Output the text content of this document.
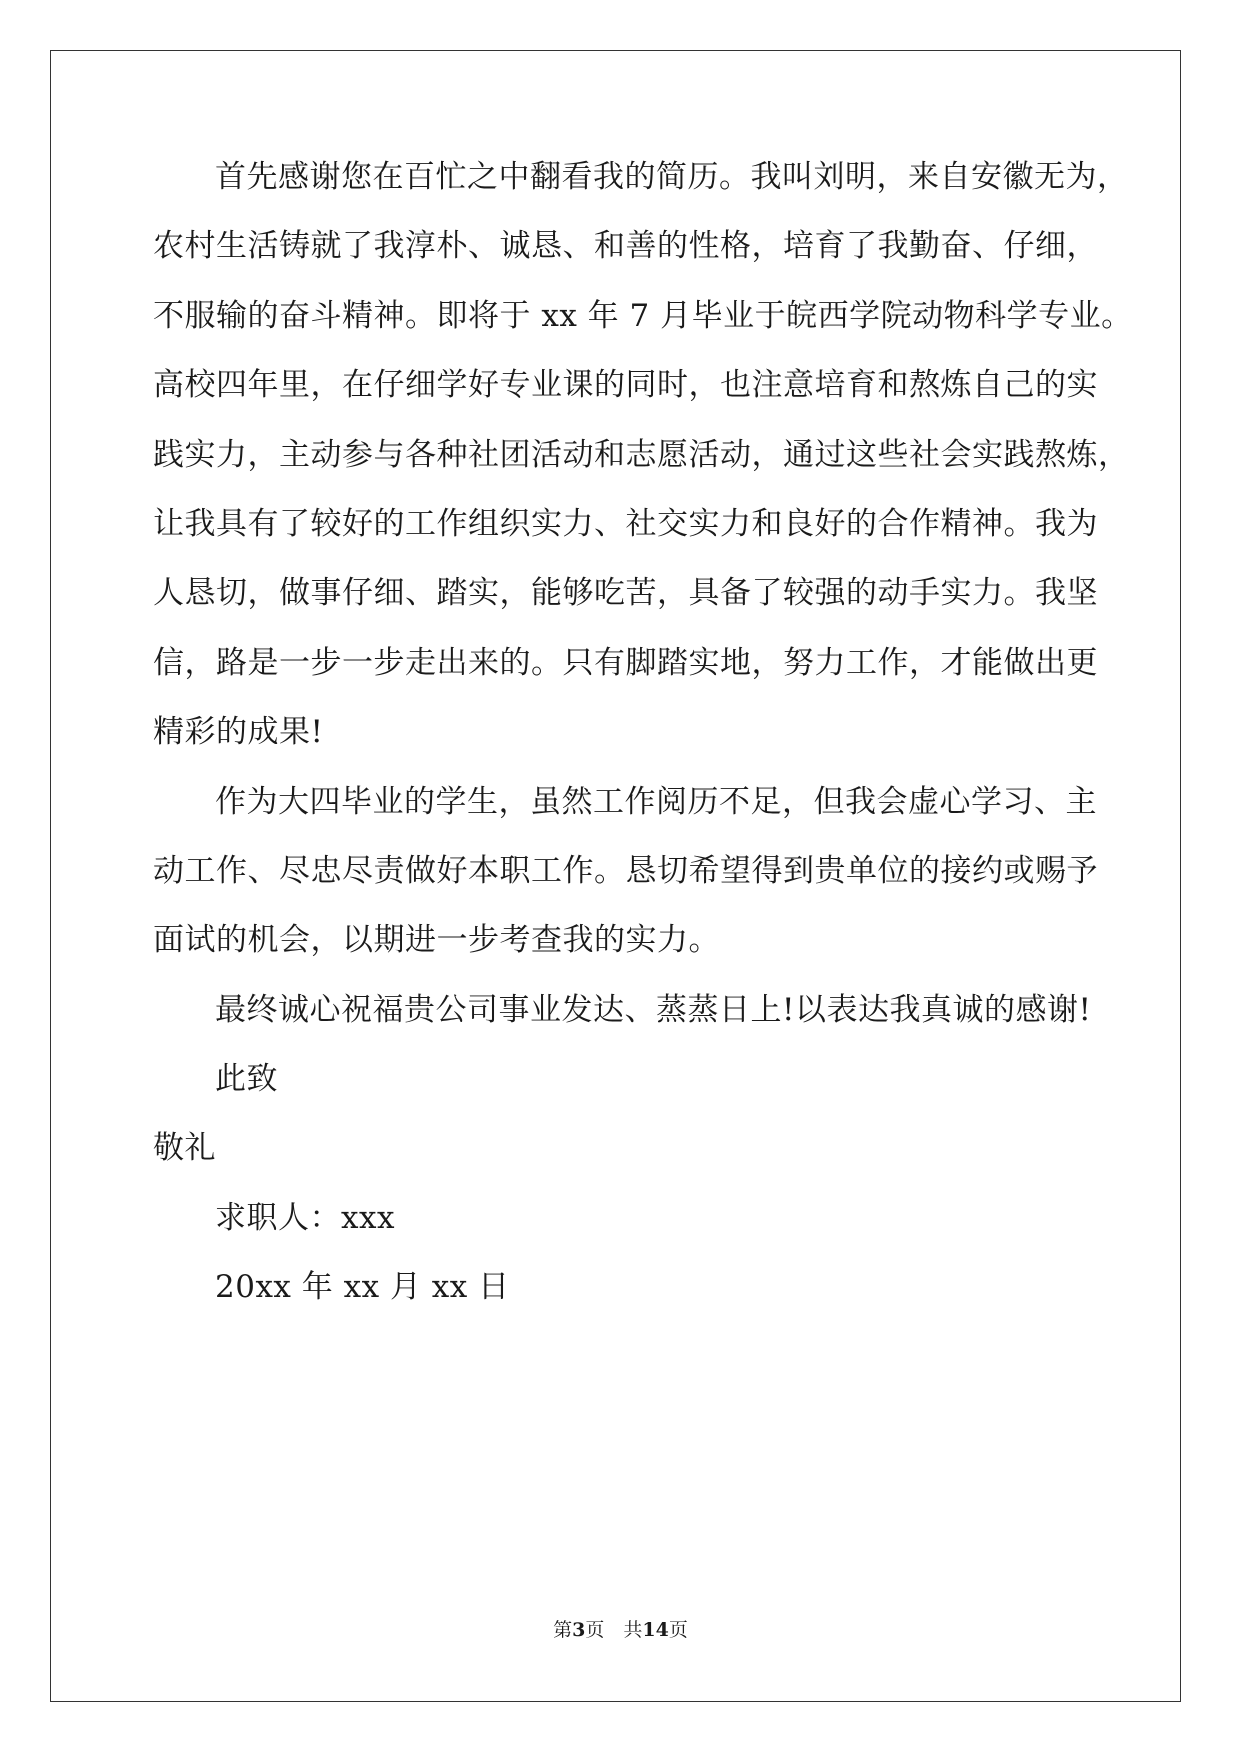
首先感谢您在百忙之中翻看我的简历。我叫刘明，来自安徽无为，
农村生活铸就了我淳朴、诚恳、和善的性格，培育了我勤奋、仔细，
不服输的奋斗精神。即将于 xx 年 7 月毕业于皖西学院动物科学专业。
高校四年里，在仔细学好专业课的同时，也注意培育和熬炼自己的实
践实力，主动参与各种社团活动和志愿活动，通过这些社会实践熬炼，
让我具有了较好的工作组织实力、社交实力和良好的合作精神。我为
人恳切，做事仔细、踏实，能够吃苦，具备了较强的动手实力。我坚
信，路是一步一步走出来的。只有脚踏实地，努力工作，才能做出更
精彩的成果!
作为大四毕业的学生，虽然工作阅历不足，但我会虚心学习、主
动工作、尽忠尽责做好本职工作。恳切希望得到贵单位的接约或赐予
面试的机会，以期进一步考查我的实力。
最终诚心祝福贵公司事业发达、蒸蒸日上!以表达我真诚的感谢!
此致
敬礼
求职人：xxx
20xx 年 xx 月 xx 日
第3页　共14页
